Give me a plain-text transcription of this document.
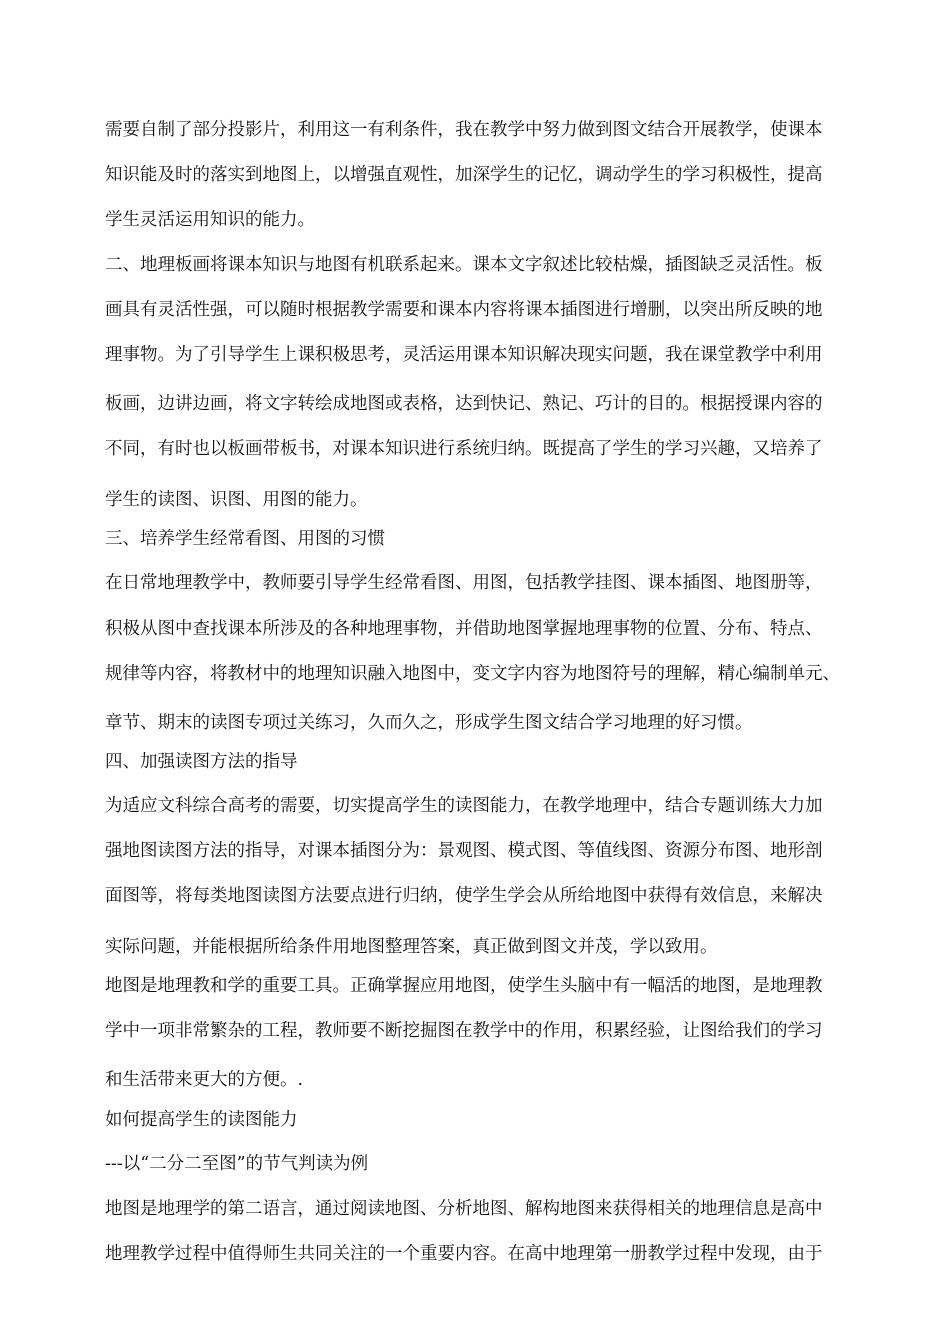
需要自制了部分投影片，利用这一有利条件，我在教学中努力做到图文结合开展教学，使课本
知识能及时的落实到地图上，以增强直观性，加深学生的记忆，调动学生的学习积极性，提高
学生灵活运用知识的能力。
二、地理板画将课本知识与地图有机联系起来。课本文字叙述比较枯燥，插图缺乏灵活性。板
画具有灵活性强，可以随时根据教学需要和课本内容将课本插图进行增删，以突出所反映的地
理事物。为了引导学生上课积极思考，灵活运用课本知识解决现实问题，我在课堂教学中利用
板画，边讲边画，将文字转绘成地图或表格，达到快记、熟记、巧计的目的。根据授课内容的
不同，有时也以板画带板书，对课本知识进行系统归纳。既提高了学生的学习兴趣，又培养了
学生的读图、识图、用图的能力。
三、培养学生经常看图、用图的习惯
在日常地理教学中，教师要引导学生经常看图、用图，包括教学挂图、课本插图、地图册等，
积极从图中查找课本所涉及的各种地理事物，并借助地图掌握地理事物的位置、分布、特点、
规律等内容，将教材中的地理知识融入地图中，变文字内容为地图符号的理解，精心编制单元、
章节、期末的读图专项过关练习，久而久之，形成学生图文结合学习地理的好习惯。
四、加强读图方法的指导
为适应文科综合高考的需要，切实提高学生的读图能力，在教学地理中，结合专题训练大力加
强地图读图方法的指导，对课本插图分为：景观图、模式图、等值线图、资源分布图、地形剖
面图等，将每类地图读图方法要点进行归纳，使学生学会从所给地图中获得有效信息，来解决
实际问题，并能根据所给条件用地图整理答案，真正做到图文并茂，学以致用。
地图是地理教和学的重要工具。正确掌握应用地图，使学生头脑中有一幅活的地图，是地理教
学中一项非常繁杂的工程，教师要不断挖掘图在教学中的作用，积累经验，让图给我们的学习
和生活带来更大的方便。.
如何提高学生的读图能力
---以“二分二至图”的节气判读为例
地图是地理学的第二语言，通过阅读地图、分析地图、解构地图来获得相关的地理信息是高中
地理教学过程中值得师生共同关注的一个重要内容。在高中地理第一册教学过程中发现，由于
